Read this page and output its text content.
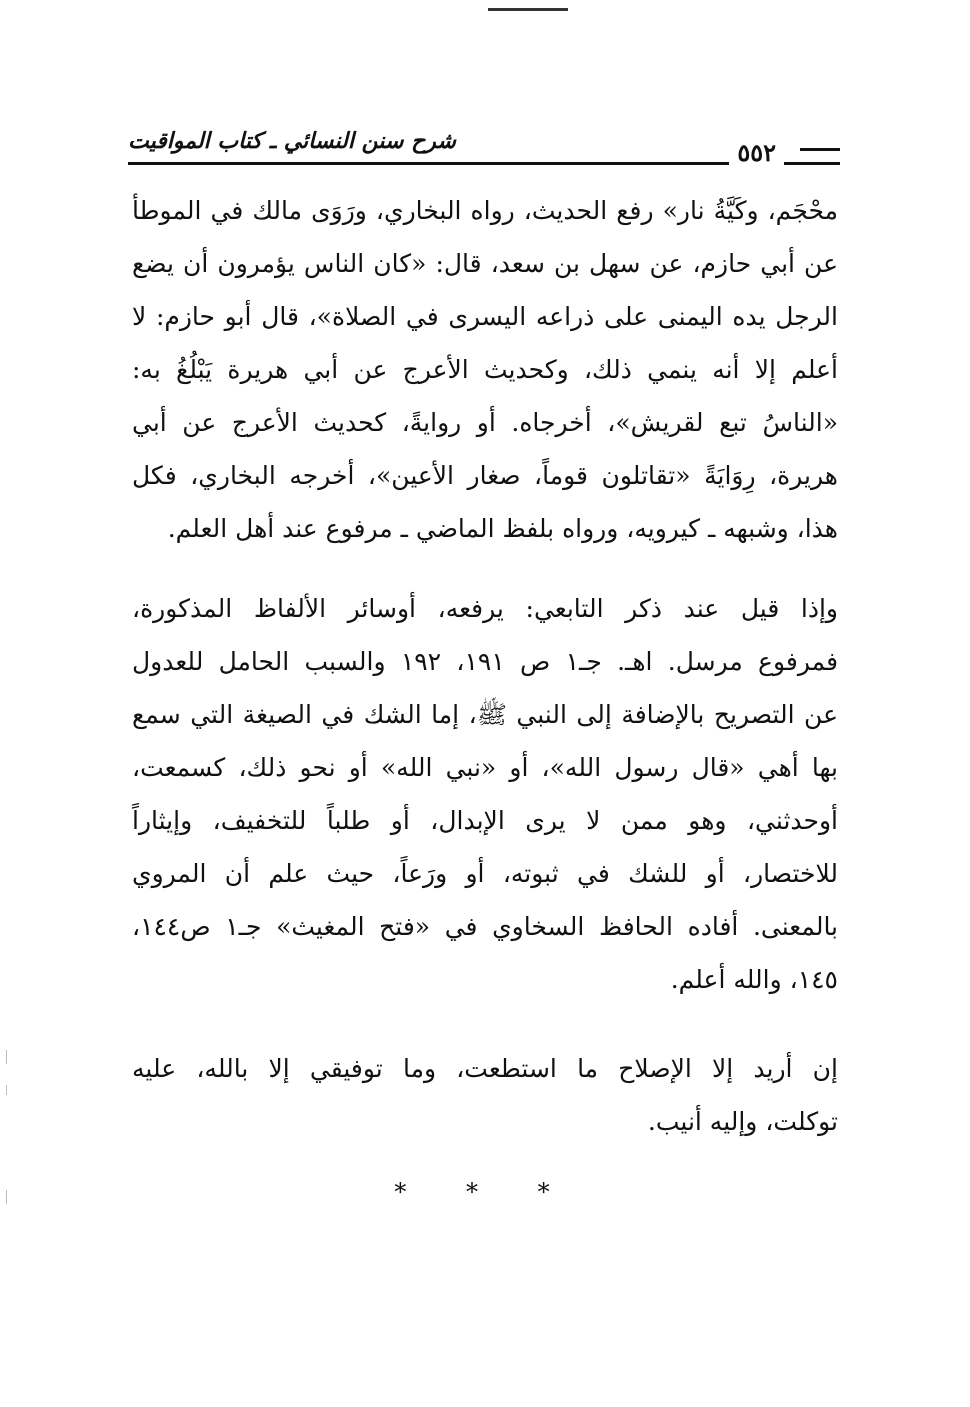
٥٥٢
شرح سنن النسائي ـ كتاب المواقيت
محْجَم، وكَيَّةُ نار» رفع الحديث، رواه البخاري، ورَوَى مالك في الموطأ
عن أبي حازم، عن سهل بن سعد، قال: «كان الناس يؤمرون أن يضع
الرجل يده اليمنى على ذراعه اليسرى في الصلاة»، قال أبو حازم: لا
أعلم إلا أنه ينمي ذلك، وكحديث الأعرج عن أبي هريرة يَبْلُغُ به:
«الناسُ تبع لقريش»، أخرجاه. أو روايةً، كحديث الأعرج عن أبي
هريرة، رِوَايَةً «تقاتلون قوماً، صغار الأعين»، أخرجه البخاري، فكل
هذا، وشبهه ـ كيرويه، ورواه بلفظ الماضي ـ مرفوع عند أهل العلم.
وإذا قيل عند ذكر التابعي: يرفعه، أوسائر الألفاظ المذكورة،
فمرفوع مرسل. اهـ. جـ١ ص ١٩١، ١٩٢ والسبب الحامل للعدول
عن التصريح بالإضافة إلى النبي ﷺ، إما الشك في الصيغة التي سمع
بها أهي «قال رسول الله»، أو «نبي الله» أو نحو ذلك، كسمعت،
أوحدثني، وهو ممن لا يرى الإبدال، أو طلباً للتخفيف، وإيثاراً
للاختصار، أو للشك في ثبوته، أو ورَعاً، حيث علم أن المروي
بالمعنى. أفاده الحافظ السخاوي في «فتح المغيث» جـ١ ص١٤٤،
١٤٥، والله أعلم.
إن أريد إلا الإصلاح ما استطعت، وما توفيقي إلا بالله، عليه
توكلت، وإليه أنيب.
* * *
